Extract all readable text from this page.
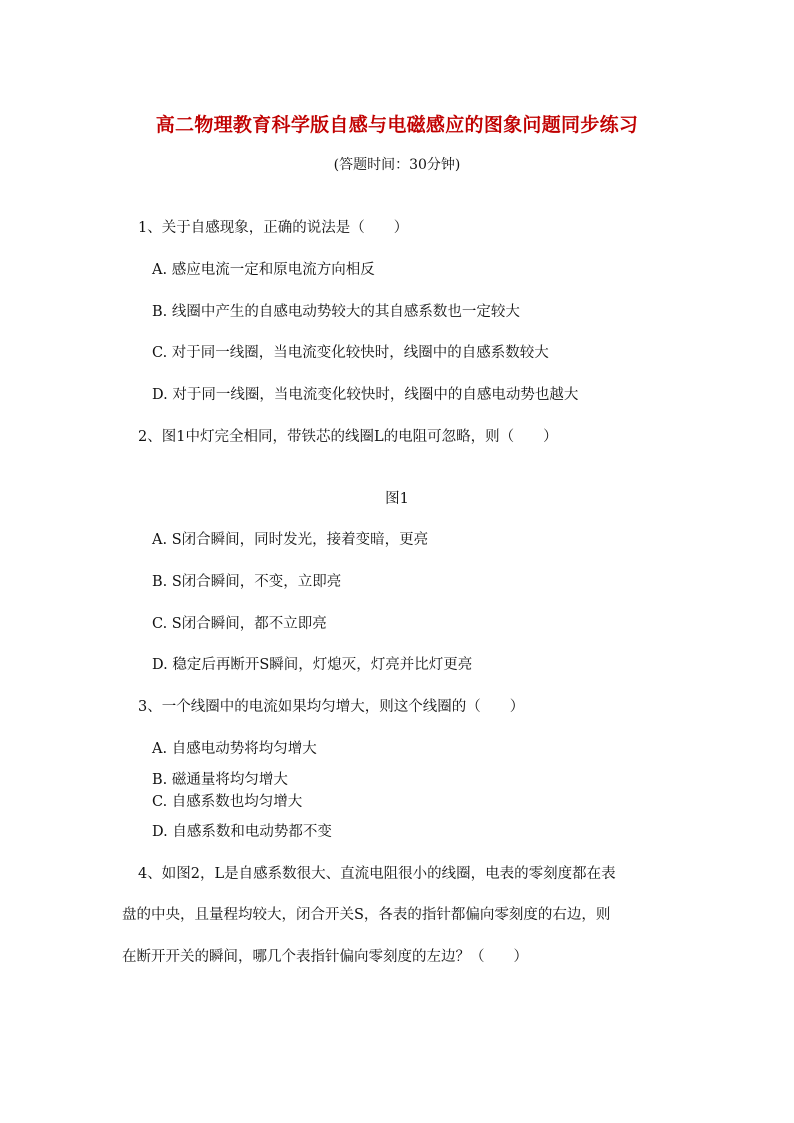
高二物理教育科学版自感与电磁感应的图象问题同步练习
(答题时间：30分钟)
1、关于自感现象，正确的说法是（　　）
A. 感应电流一定和原电流方向相反
B. 线圈中产生的自感电动势较大的其自感系数也一定较大
C. 对于同一线圈，当电流变化较快时，线圈中的自感系数较大
D. 对于同一线圈，当电流变化较快时，线圈中的自感电动势也越大
2、图1中灯完全相同，带铁芯的线圈L的电阻可忽略，则（　　）
图1
A. S闭合瞬间，同时发光，接着变暗，更亮
B. S闭合瞬间，不变，立即亮
C. S闭合瞬间，都不立即亮
D. 稳定后再断开S瞬间，灯熄灭，灯亮并比灯更亮
3、一个线圈中的电流如果均匀增大，则这个线圈的（　　）
A. 自感电动势将均匀增大
B. 磁通量将均匀增大
C. 自感系数也均匀增大
D. 自感系数和电动势都不变
4、如图2，L是自感系数很大、直流电阻很小的线圈，电表的零刻度都在表
盘的中央，且量程均较大，闭合开关S，各表的指针都偏向零刻度的右边，则
在断开开关的瞬间，哪几个表指针偏向零刻度的左边？（　　）
